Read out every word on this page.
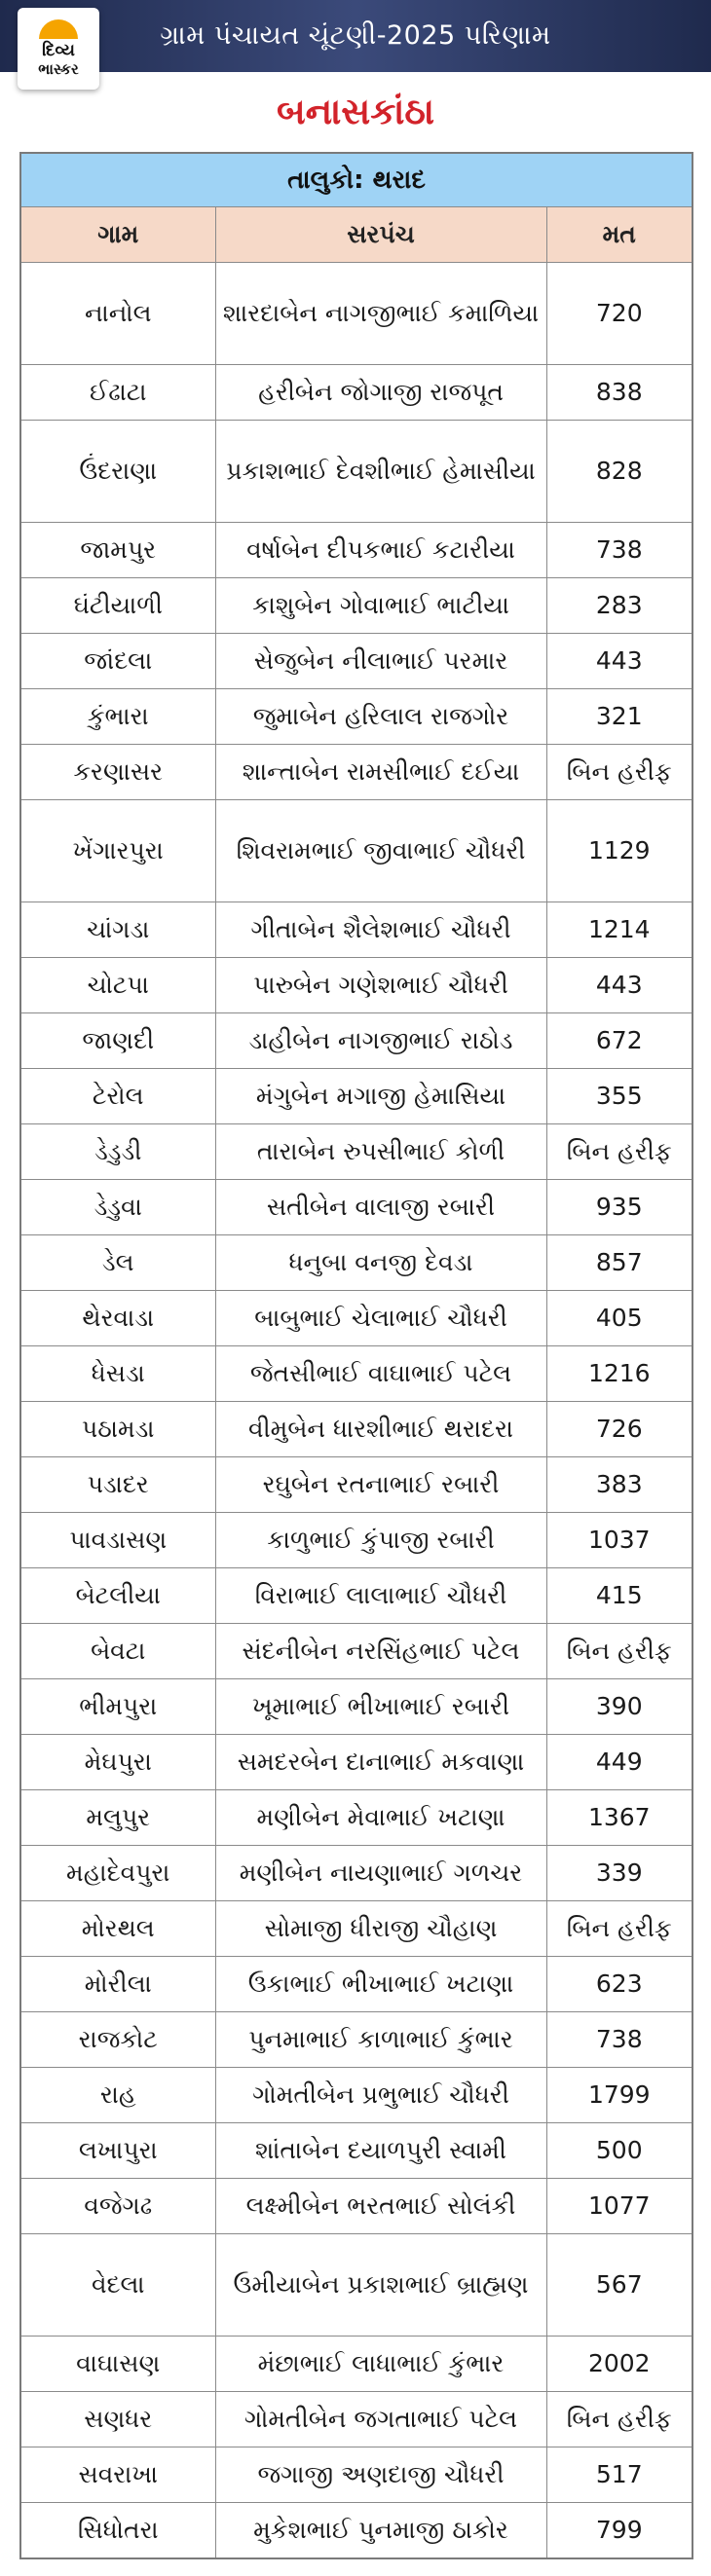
દિવ્ય
ભાસ્કર
ગ્રામ પંચાયત ચૂંટણી-2025 પરિણામ
બનાસકાંઠા
તાલુકો: થરાદ		
ગામ	સરપંચ	મત
નાનોલ	શારદાબેન નાગજીભાઈ કમાળિયા	720
ઈઢાટા	હરીબેન જોગાજી રાજપૂત	838
ઉંદરાણા	પ્રકાશભાઈ દેવશીભાઈ હેમાસીયા	828
જામપુર	વર્ષાબેન દીપકભાઈ કટારીયા	738
ઘંટીયાળી	કાશુબેન ગોવાભાઈ ભાટીયા	283
જાંદલા	સેજુબેન નીલાભાઈ પરમાર	443
કુંભારા	જુમાબેન હરિલાલ રાજગોર	321
કરણાસર	શાન્તાબેન રામસીભાઈ દઈયા	બિન હરીફ
ખેંગારપુરા	શિવરામભાઈ જીવાભાઈ ચૌધરી	1129
ચાંગડા	ગીતાબેન શૈલેશભાઈ ચૌધરી	1214
ચોટપા	પારુબેન ગણેશભાઈ ચૌધરી	443
જાણદી	ડાહીબેન નાગજીભાઈ રાઠોડ	672
ટેરોલ	મંગુબેન મગાજી હેમાસિયા	355
ડેડુડી	તારાબેન રુપસીભાઈ કોળી	બિન હરીફ
ડેડુવા	સતીબેન વાલાજી રબારી	935
ડેલ	ધનુબા વનજી દેવડા	857
થેરવાડા	બાબુભાઈ ચેલાભાઈ ચૌધરી	405
ધેસડા	જેતસીભાઈ વાઘાભાઈ પટેલ	1216
પઠામડા	વીમુબેન ધારશીભાઈ થરાદરા	726
પડાદર	રઘુબેન રતનાભાઈ રબારી	383
પાવડાસણ	કાળુભાઈ કુંપાજી રબારી	1037
બેટલીયા	વિરાભાઈ લાલાભાઈ ચૌધરી	415
બેવટા	સંદનીબેન નરસિંહભાઈ પટેલ	બિન હરીફ
ભીમપુરા	ખૂમાભાઈ ભીખાભાઈ રબારી	390
મેઘપુરા	સમદરબેન દાનાભાઈ મકવાણા	449
મલુપુર	મણીબેન મેવાભાઈ ખટાણા	1367
મહાદેવપુરા	મણીબેન નાયણાભાઈ ગળચર	339
મોરથલ	સોમાજી ધીરાજી ચૌહાણ	બિન હરીફ
મોરીલા	ઉકાભાઈ ભીખાભાઈ ખટાણા	623
રાજકોટ	પુનમાભાઈ કાળાભાઈ કુંભાર	738
રાહ	ગોમતીબેન પ્રભુભાઈ ચૌધરી	1799
લખાપુરા	શાંતાબેન દયાળપુરી સ્વામી	500
વજેગઢ	લક્ષ્મીબેન ભરતભાઈ સોલંકી	1077
વેદલા	ઉમીયાબેન પ્રકાશભાઈ બ્રાહ્મણ	567
વાઘાસણ	મંછાભાઈ લાધાભાઈ કુંભાર	2002
સણધર	ગોમતીબેન જગતાભાઈ પટેલ	બિન હરીફ
સવરાખા	જગાજી અણદાજી ચૌધરી	517
સિધોતરા	મુકેશભાઈ પુનમાજી ઠાકોર	799
